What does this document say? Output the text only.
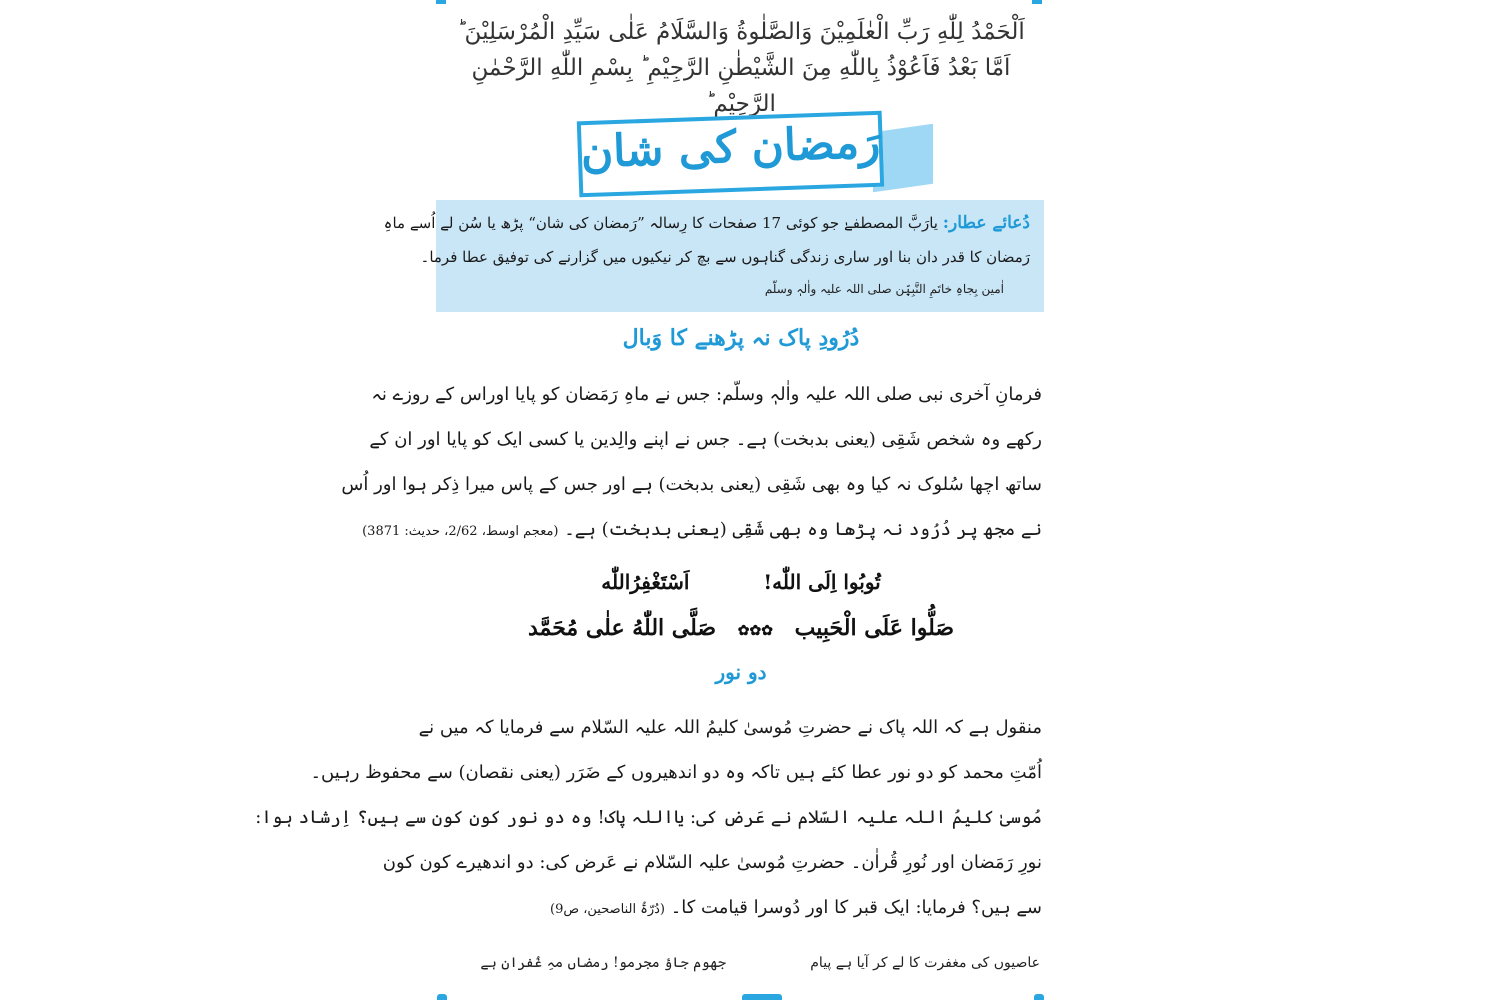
اَلْحَمْدُ لِلّٰهِ رَبِّ الْعٰلَمِيْنَ وَالصَّلٰوةُ وَالسَّلَامُ عَلٰى سَيِّدِ الْمُرْسَلِيْنَ ؕ
اَمَّا بَعْدُ فَاَعُوْذُ بِاللّٰهِ مِنَ الشَّيْطٰنِ الرَّجِيْمِ ؕ بِسْمِ اللّٰهِ الرَّحْمٰنِ الرَّحِيْمِ ؕ
رَمضان کی شان
دُعائے عطار: یارَبَّ المصطفےٰ جو کوئی 17 صفحات کا رِسالہ ”رَمضان کی شان“ پڑھ یا سُن لے اُسے ماہِ
رَمضان کا قدر دان بنا اور ساری زندگی گناہوں سے بچ کر نیکیوں میں گزارنے کی توفیق عطا فرما۔
اٰمین بِجاہِ خاتَمِ النَّبِیّٖن صلی اللہ علیہ واٰلہٖ وسلّم
دُرُودِ پاک نہ پڑھنے کا وَبال
فرمانِ آخری نبی صلی اللہ علیہ واٰلہٖ وسلّم: جس نے ماہِ رَمَضان کو پایا اوراس کے روزے نہ
رکھے وہ شخص شَقِی (یعنی بدبخت) ہے۔ جس نے اپنے والِدین یا کسی ایک کو پایا اور ان کے
ساتھ اچھا سُلوک نہ کیا وہ بھی شَقِی (یعنی بدبخت) ہے اور جس کے پاس میرا ذِکر ہوا اور اُس
نے مجھ پر دُرُود نہ پڑھا وہ بھی شَقِی (یعنی بدبخت) ہے۔ (معجم اوسط، 2/62، حدیث: 3871)
تُوبُوا اِلَی اللّٰه!  اَسْتَغْفِرُاللّٰه
صَلُّوا عَلَی الْحَبِیب ✿✿✿ صَلَّی اللّٰهُ علٰی مُحَمَّد
دو نور
منقول ہے کہ اللہ پاک نے حضرتِ مُوسیٰ کلیمُ اللہ علیہ السّلام سے فرمایا کہ میں نے
اُمّتِ محمد کو دو نور عطا کئے ہیں تاکہ وہ دو اندھیروں کے ضَرَر (یعنی نقصان) سے محفوظ رہیں۔
مُوسیٰ کلیمُ اللہ علیہ السّلام نے عَرض کی: یااللہ پاک! وہ دو نور کون کون سے ہیں؟ اِرشاد ہوا:
نورِ رَمَضان اور نُورِ قُراٰن۔ حضرتِ مُوسیٰ علیہ السّلام نے عَرض کی: دو اندھیرے کون کون
سے ہیں؟ فرمایا: ایک قبر کا اور دُوسرا قیامت کا۔ (دُرّۃُ الناصحین، ص9)
عاصیوں کی مغفرت کا لے کر آیا ہے پیام
جھوم جاؤ مجرمو! رمضاں مہِ غُفران ہے
